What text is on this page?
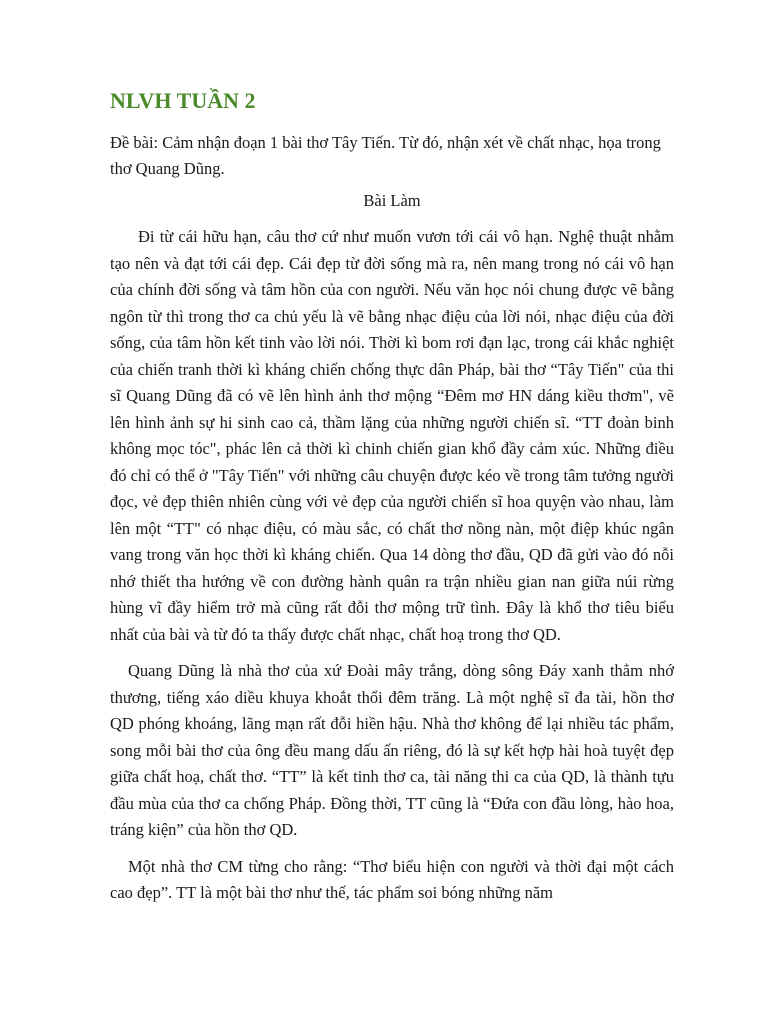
NLVH TUẦN 2

Đề bài: Cảm nhận đoạn 1 bài thơ Tây Tiến. Từ đó, nhận xét về chất nhạc, họa trong thơ Quang Dũng.

Bài Làm

Đi từ cái hữu hạn, câu thơ cứ như muốn vươn tới cái vô hạn. Nghệ thuật nhằm tạo nên và đạt tới cái đẹp. Cái đẹp từ đời sống mà ra, nên mang trong nó cái vô hạn của chính đời sống và tâm hồn của con người. Nếu văn học nói chung được vẽ bằng ngôn từ thì trong thơ ca chủ yếu là vẽ bằng nhạc điệu của lời nói, nhạc điệu của đời sống, của tâm hồn kết tinh vào lời nói. Thời kì bom rơi đạn lạc, trong cái khắc nghiệt của chiến tranh thời kì kháng chiến chống thực dân Pháp, bài thơ “Tây Tiến" của thi sĩ Quang Dũng đã có vẽ lên hình ảnh thơ mộng “Đêm mơ HN dáng kiều thơm", vẽ lên hình ảnh sự hi sinh cao cả, thầm lặng của những người chiến sĩ. “TT đoàn binh không mọc tóc", phác lên cả thời kì chinh chiến gian khổ đầy cảm xúc. Những điều đó chỉ có thể ở "Tây Tiến" với những câu chuyện được kéo về trong tâm tưởng người đọc, vẻ đẹp thiên nhiên cùng với vẻ đẹp của người chiến sĩ hoa quyện vào nhau, làm lên một “TT" có nhạc điệu, có màu sắc, có chất thơ nồng nàn, một điệp khúc ngân vang trong văn học thời kì kháng chiến. Qua 14 dòng thơ đầu, QD đã gửi vào đó nỗi nhớ thiết tha hướng về con đường hành quân ra trận nhiều gian nan giữa núi rừng hùng vĩ đầy hiểm trở mà cũng rất đỗi thơ mộng trữ tình. Đây là khổ thơ tiêu biểu nhất của bài và từ đó ta thấy được chất nhạc, chất hoạ trong thơ QD.

Quang Dũng là nhà thơ của xứ Đoài mây trắng, dòng sông Đáy xanh thẳm nhớ thương, tiếng xáo diều khuya khoắt thổi đêm trăng. Là một nghệ sĩ đa tài, hồn thơ QD phóng khoáng, lãng mạn rất đỗi hiền hậu. Nhà thơ không để lại nhiều tác phẩm, song mỗi bài thơ của ông đều mang dấu ấn riêng, đó là sự kết hợp hài hoà tuyệt đẹp giữa chất hoạ, chất thơ. “TT” là kết tinh thơ ca, tài năng thi ca của QD, là thành tựu đầu mùa của thơ ca chống Pháp. Đồng thời, TT cũng là “Đứa con đầu lòng, hào hoa, tráng kiện” của hồn thơ QD.

Một nhà thơ CM từng cho rằng: “Thơ biểu hiện con người và thời đại một cách cao đẹp”. TT là một bài thơ như thế, tác phẩm soi bóng những năm
